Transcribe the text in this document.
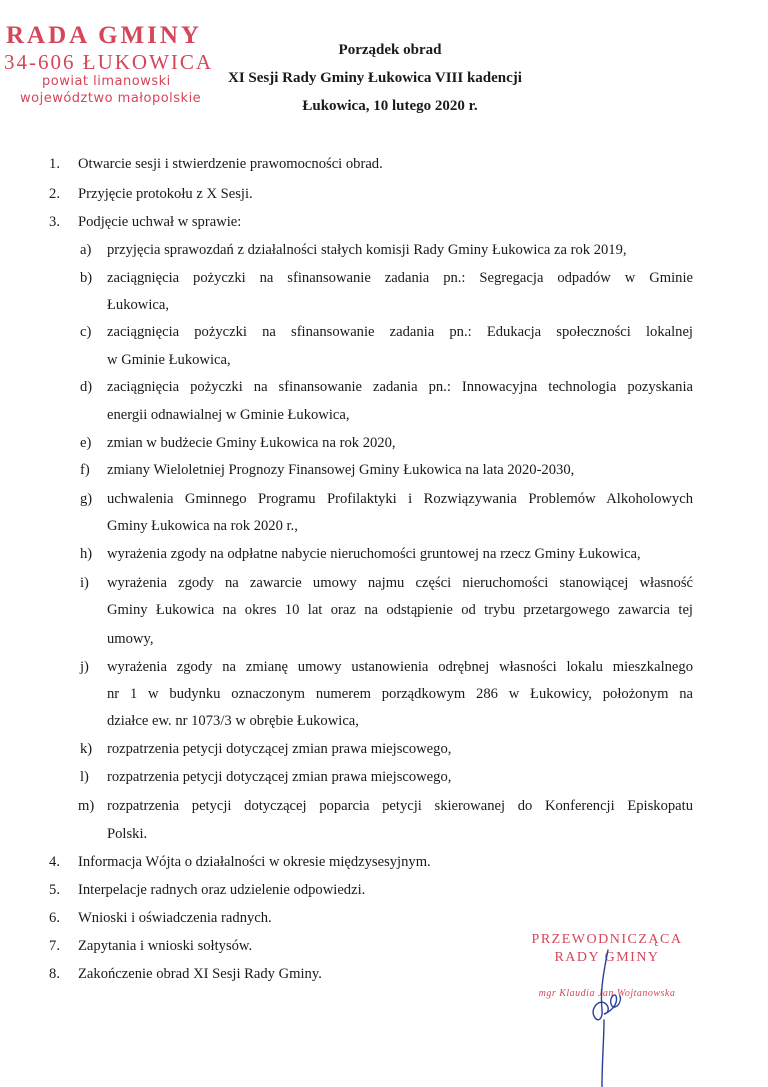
RADA GMINY
34-606 ŁUKOWICA
powiat limanowski
województwo małopolskie
Porządek obrad
XI Sesji Rady Gminy Łukowica VIII kadencji
Łukowica, 10 lutego 2020 r.
1. Otwarcie sesji i stwierdzenie prawomocności obrad.
2. Przyjęcie protokołu z X Sesji.
3. Podjęcie uchwał w sprawie:
a)	przyjęcia sprawozdań z działalności stałych komisji Rady Gminy Łukowica za rok 2019,
b)	zaciągnięcia pożyczki na sfinansowanie zadania pn.: Segregacja odpadów w Gminie
Łukowica,
c)	zaciągnięcia pożyczki na sfinansowanie zadania pn.: Edukacja społeczności lokalnej
w Gminie Łukowica,
d)	zaciągnięcia pożyczki na sfinansowanie zadania pn.: Innowacyjna technologia pozyskania
energii odnawialnej w Gminie Łukowica,
e)	zmian w budżecie Gminy Łukowica na rok 2020,
f)	zmiany Wieloletniej Prognozy Finansowej Gminy Łukowica na lata 2020-2030,
g)	uchwalenia Gminnego Programu Profilaktyki i Rozwiązywania Problemów Alkoholowych
Gminy Łukowica na rok 2020 r.,
h)	wyrażenia zgody na odpłatne nabycie nieruchomości gruntowej na rzecz Gminy Łukowica,
i)	wyrażenia zgody na zawarcie umowy najmu części nieruchomości stanowiącej własność
Gminy Łukowica na okres 10 lat oraz na odstąpienie od trybu przetargowego zawarcia tej
umowy,
j)	wyrażenia zgody na zmianę umowy ustanowienia odrębnej własności lokalu mieszkalnego
nr 1 w budynku oznaczonym numerem porządkowym 286 w Łukowicy, położonym na
działce ew. nr 1073/3 w obrębie Łukowica,
k)	rozpatrzenia petycji dotyczącej zmian prawa miejscowego,
l)	rozpatrzenia petycji dotyczącej zmian prawa miejscowego,
m) rozpatrzenia petycji dotyczącej poparcia petycji skierowanej do Konferencji Episkopatu
Polski.
4. Informacja Wójta o działalności w okresie międzysesyjnym.
5. Interpelacje radnych oraz udzielenie odpowiedzi.
6. Wnioski i oświadczenia radnych.
7. Zapytania i wnioski sołtysów.
8. Zakończenie obrad XI Sesji Rady Gminy.
PRZEWODNICZĄCA
RADY GMINY
mgr Klaudia Jan Wojtanowska
